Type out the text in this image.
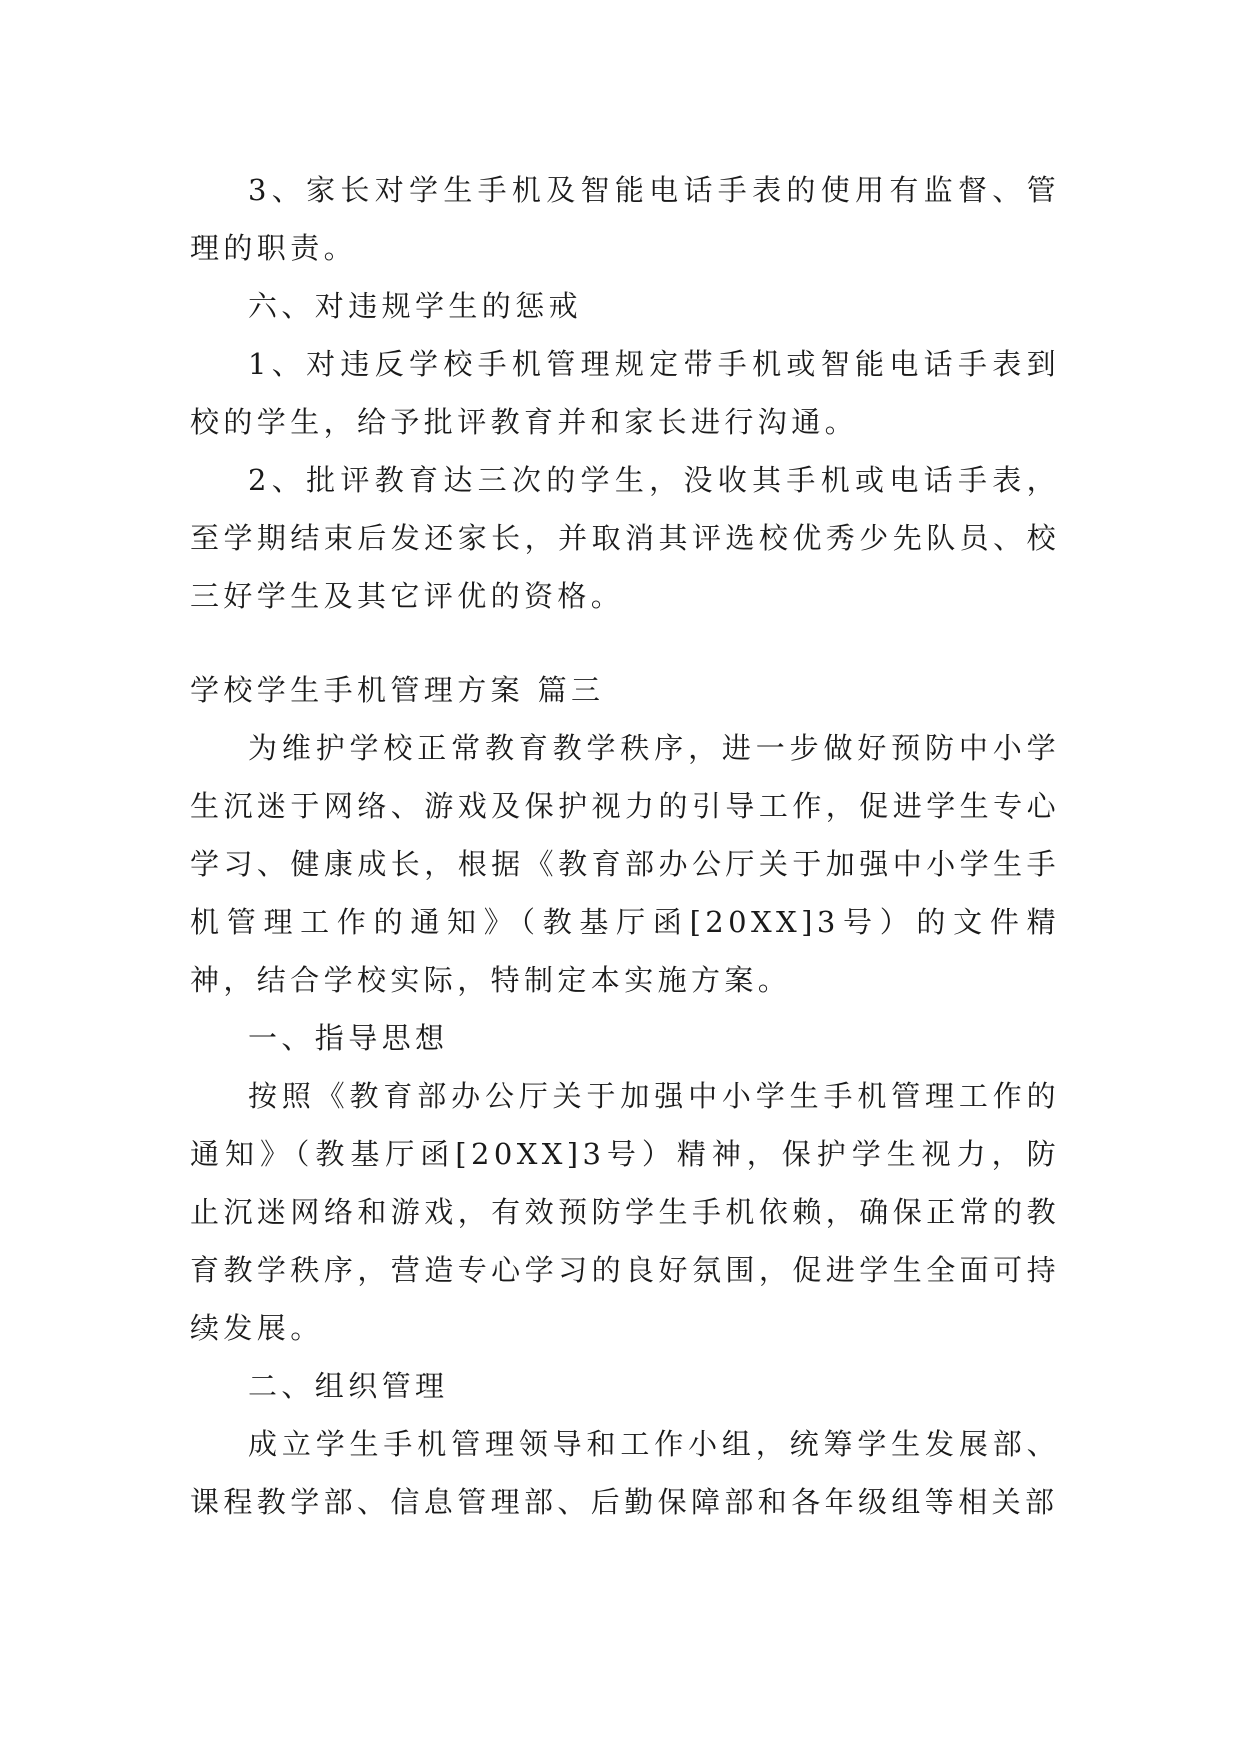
3、家长对学生手机及智能电话手表的使用有监督、管理的职责。

六、对违规学生的惩戒

1、对违反学校手机管理规定带手机或智能电话手表到校的学生，给予批评教育并和家长进行沟通。

2、批评教育达三次的学生，没收其手机或电话手表，至学期结束后发还家长，并取消其评选校优秀少先队员、校三好学生及其它评优的资格。

学校学生手机管理方案 篇三

为维护学校正常教育教学秩序，进一步做好预防中小学生沉迷于网络、游戏及保护视力的引导工作，促进学生专心学习、健康成长，根据《教育部办公厅关于加强中小学生手机管理工作的通知》（教基厅函[20XX]3号）的文件精神，结合学校实际，特制定本实施方案。

一、指导思想

按照《教育部办公厅关于加强中小学生手机管理工作的通知》（教基厅函[20XX]3号）精神，保护学生视力，防止沉迷网络和游戏，有效预防学生手机依赖，确保正常的教育教学秩序，营造专心学习的良好氛围，促进学生全面可持续发展。

二、组织管理

成立学生手机管理领导和工作小组，统筹学生发展部、课程教学部、信息管理部、后勤保障部和各年级组等相关部
